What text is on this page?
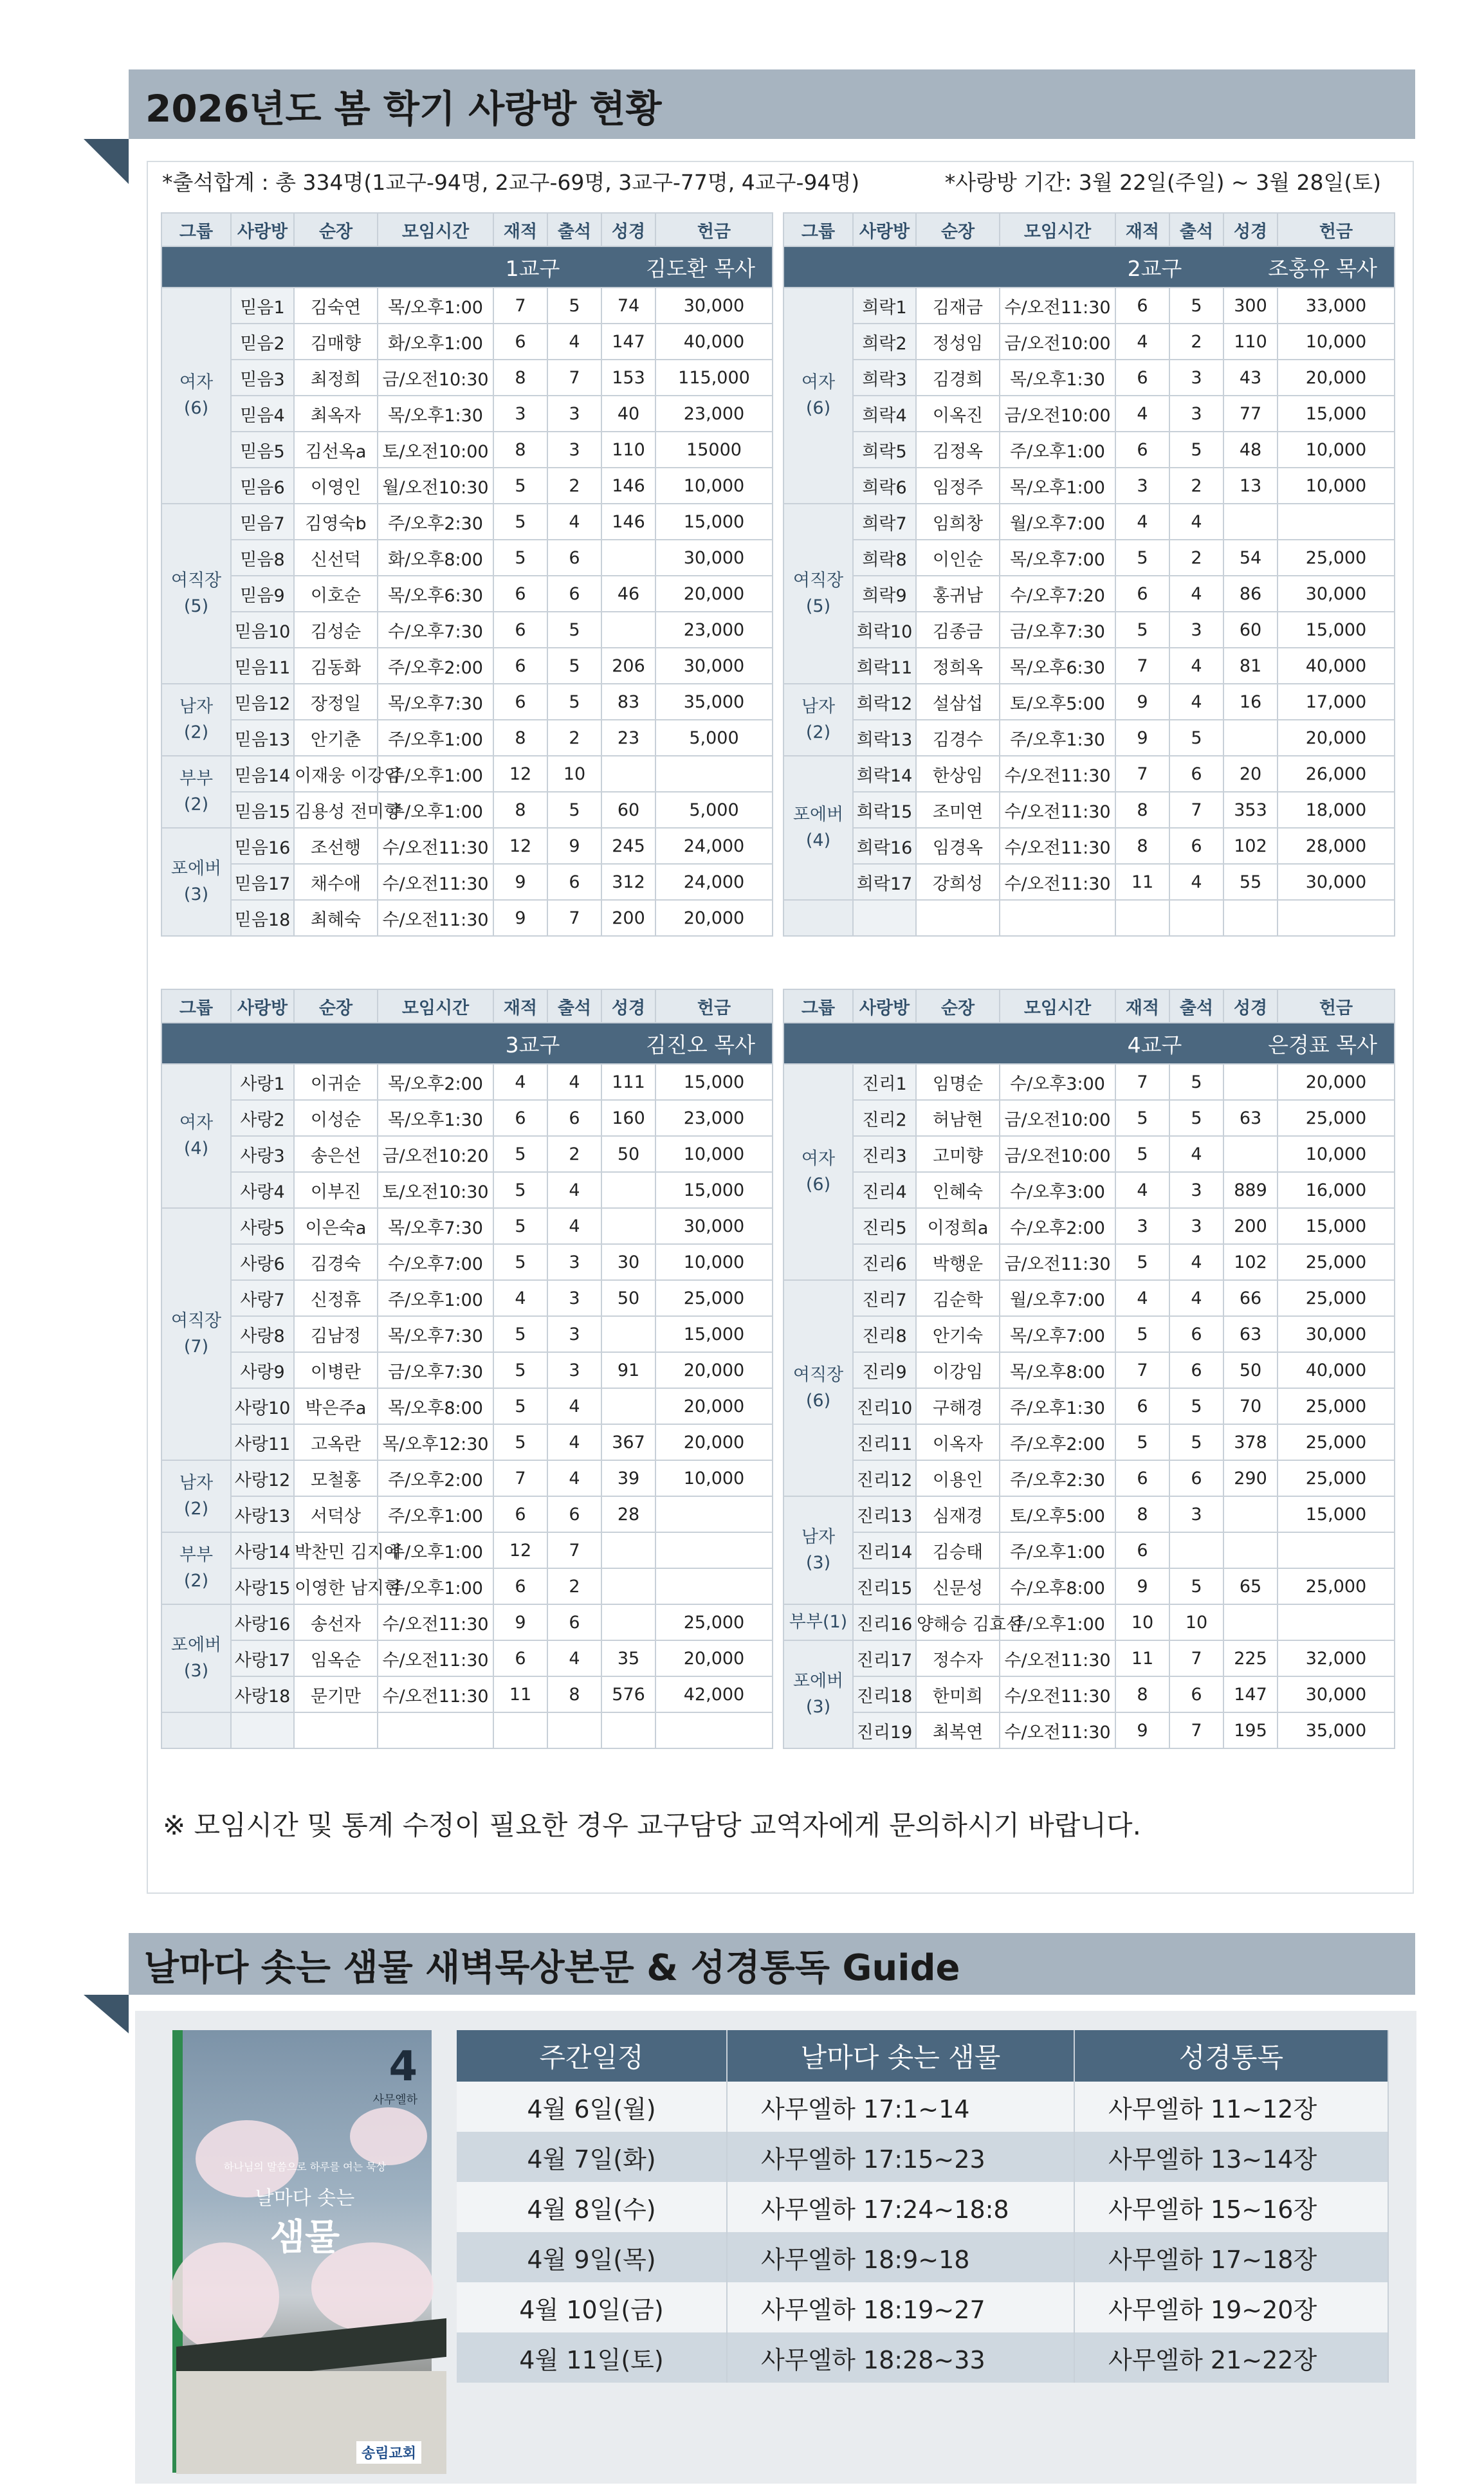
2026년도 봄 학기 사랑방 현황
*출석합계 : 총 334명(1교구-94명, 2교구-69명, 3교구-77명, 4교구-94명)	*사랑방 기간: 3월 22일(주일) ~ 3월 28일(토)
그룹	사랑방	순장	모임시간	재적	출석	성경	헌금
1교구 김도환 목사							

여자
(6)	믿음1	김숙연	목/오후1:00	7	5	74	30,000
	믿음2	김매향	화/오후1:00	6	4	147	40,000
	믿음3	최정희	금/오전10:30	8	7	153	115,000
	믿음4	최옥자	목/오후1:30	3	3	40	23,000
	믿음5	김선옥a	토/오전10:00	8	3	110	15000
	믿음6	이영인	월/오전10:30	5	2	146	10,000

여직장
(5)	믿음7	김영숙b	주/오후2:30	5	4	146	15,000
	믿음8	신선덕	화/오후8:00	5	6		30,000
	믿음9	이호순	목/오후6:30	6	6	46	20,000
	믿음10	김성순	수/오후7:30	6	5		23,000
	믿음11	김동화	주/오후2:00	6	5	206	30,000

남자
(2)	믿음12	장정일	목/오후7:30	6	5	83	35,000
	믿음13	안기춘	주/오후1:00	8	2	23	5,000

부부
(2)	믿음14	이재웅 이강임	주/오후1:00	12	10		
	믿음15	김용성 전미향	주/오후1:00	8	5	60	5,000

포에버
(3)	믿음16	조선행	수/오전11:30	12	9	245	24,000
	믿음17	채수애	수/오전11:30	9	6	312	24,000
	믿음18	최혜숙	수/오전11:30	9	7	200	20,000
그룹	사랑방	순장	모임시간	재적	출석	성경	헌금
2교구 조홍유 목사							

여자
(6)	희락1	김재금	수/오전11:30	6	5	300	33,000
	희락2	정성임	금/오전10:00	4	2	110	10,000
	희락3	김경희	목/오후1:30	6	3	43	20,000
	희락4	이옥진	금/오전10:00	4	3	77	15,000
	희락5	김정옥	주/오후1:00	6	5	48	10,000
	희락6	임정주	목/오후1:00	3	2	13	10,000

여직장
(5)	희락7	임희창	월/오후7:00	4	4		
	희락8	이인순	목/오후7:00	5	2	54	25,000
	희락9	홍귀남	수/오후7:20	6	4	86	30,000
	희락10	김종금	금/오후7:30	5	3	60	15,000
	희락11	정희옥	목/오후6:30	7	4	81	40,000

남자
(2)	희락12	설삼섭	토/오후5:00	9	4	16	17,000
	희락13	김경수	주/오후1:30	9	5		20,000

포에버
(4)	희락14	한상임	수/오전11:30	7	6	20	26,000
	희락15	조미연	수/오전11:30	8	7	353	18,000
	희락16	임경옥	수/오전11:30	8	6	102	28,000
	희락17	강희성	수/오전11:30	11	4	55	30,000

그룹	사랑방	순장	모임시간	재적	출석	성경	헌금
3교구 김진오 목사							

여자
(4)	사랑1	이귀순	목/오후2:00	4	4	111	15,000
	사랑2	이성순	목/오후1:30	6	6	160	23,000
	사랑3	송은선	금/오전10:20	5	2	50	10,000
	사랑4	이부진	토/오전10:30	5	4		15,000

여직장
(7)	사랑5	이은숙a	목/오후7:30	5	4		30,000
	사랑6	김경숙	수/오후7:00	5	3	30	10,000
	사랑7	신정휴	주/오후1:00	4	3	50	25,000
	사랑8	김남정	목/오후7:30	5	3		15,000
	사랑9	이병란	금/오후7:30	5	3	91	20,000
	사랑10	박은주a	목/오후8:00	5	4		20,000
	사랑11	고옥란	목/오후12:30	5	4	367	20,000

남자
(2)	사랑12	모철홍	주/오후2:00	7	4	39	10,000
	사랑13	서덕상	주/오후1:00	6	6	28	

부부
(2)	사랑14	박찬민 김지애	주/오후1:00	12	7		
	사랑15	이영한 남지현	주/오후1:00	6	2		

포에버
(3)	사랑16	송선자	수/오전11:30	9	6		25,000
	사랑17	임옥순	수/오전11:30	6	4	35	20,000
	사랑18	문기만	수/오전11:30	11	8	576	42,000

그룹	사랑방	순장	모임시간	재적	출석	성경	헌금
4교구 은경표 목사							

여자
(6)	진리1	임명순	수/오후3:00	7	5		20,000
	진리2	허남현	금/오전10:00	5	5	63	25,000
	진리3	고미향	금/오전10:00	5	4		10,000
	진리4	인혜숙	수/오후3:00	4	3	889	16,000
	진리5	이정희a	수/오후2:00	3	3	200	15,000
	진리6	박행운	금/오전11:30	5	4	102	25,000

여직장
(6)	진리7	김순학	월/오후7:00	4	4	66	25,000
	진리8	안기숙	목/오후7:00	5	6	63	30,000
	진리9	이강임	목/오후8:00	7	6	50	40,000
	진리10	구해경	주/오후1:30	6	5	70	25,000
	진리11	이옥자	주/오후2:00	5	5	378	25,000
	진리12	이용인	주/오후2:30	6	6	290	25,000

남자
(3)	진리13	심재경	토/오후5:00	8	3		15,000
	진리14	김승태	주/오후1:00	6			
	진리15	신문성	수/오후8:00	9	5	65	25,000

부부(1)	진리16	양해승 김효선	주/오후1:00	10	10		

포에버
(3)	진리17	정수자	수/오전11:30	11	7	225	32,000
	진리18	한미희	수/오전11:30	8	6	147	30,000
	진리19	최복연	수/오전11:30	9	7	195	35,000
※ 모임시간 및 통계 수정이 필요한 경우 교구담당 교역자에게 문의하시기 바랍니다.
날마다 솟는 샘물 새벽묵상본문 & 성경통독 Guide
4
사무엘하
하나님의 말씀으로 하루를 여는 묵상
날마다 솟는
샘물
송림교회
주간일정	날마다 솟는 샘물	성경통독
4월 6일(월)	사무엘하 17:1~14	사무엘하 11~12장
4월 7일(화)	사무엘하 17:15~23	사무엘하 13~14장
4월 8일(수)	사무엘하 17:24~18:8	사무엘하 15~16장
4월 9일(목)	사무엘하 18:9~18	사무엘하 17~18장
4월 10일(금)	사무엘하 18:19~27	사무엘하 19~20장
4월 11일(토)	사무엘하 18:28~33	사무엘하 21~22장
